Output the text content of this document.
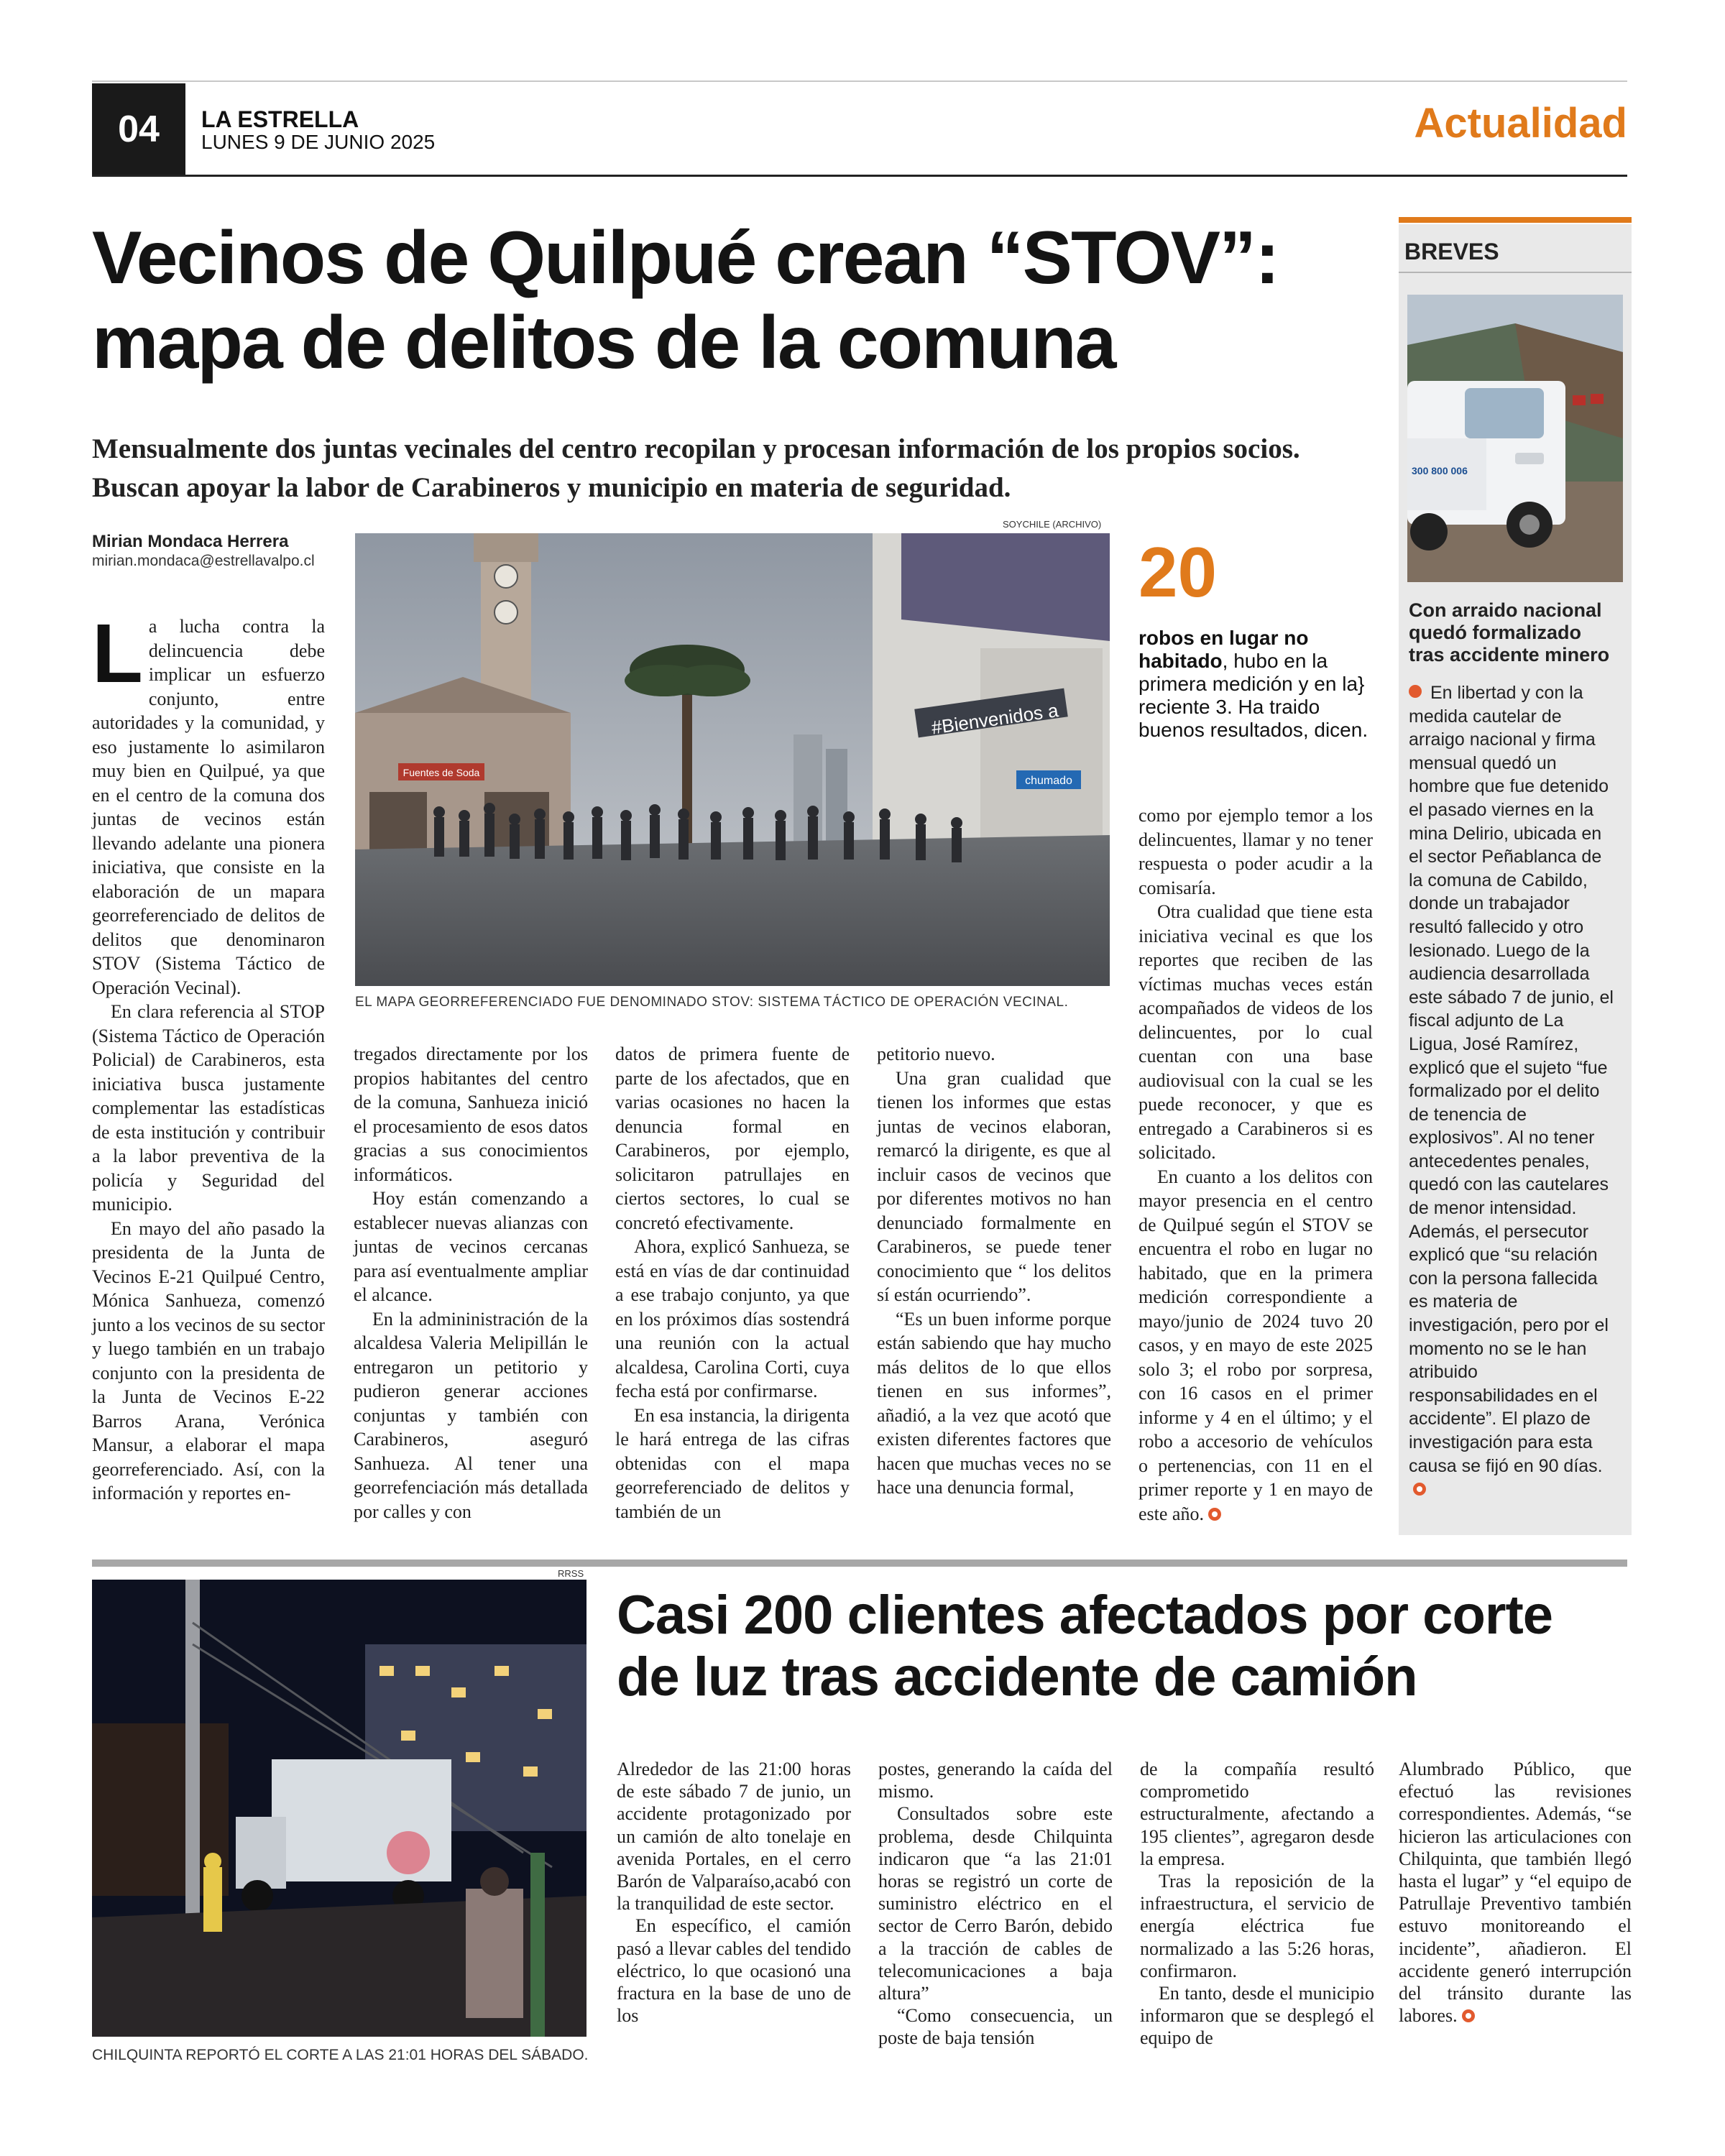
04	LA ESTRELLA
LUNES 9 DE JUNIO 2025	Actualidad
Vecinos de Quilpué crean “STOV”:
mapa de delitos de la comuna
Mensualmente dos juntas vecinales del centro recopilan y procesan información de los propios socios. Buscan apoyar la labor de Carabineros y municipio en materia de seguridad.
Mirian Mondaca Herrera
mirian.mondaca@estrellavalpo.cl
SOYCHILE (ARCHIVO)
Fuentes de Soda
#Bienvenidos a
chumado
EL MAPA GEORREFERENCIADO FUE DENOMINADO STOV: SISTEMA TÁCTICO DE OPERACIÓN VECINAL.

La lucha contra la delincuencia debe implicar un esfuerzo conjunto, entre autoridades y la comunidad, y eso justamente lo asimilaron muy bien en Quilpué, ya que en el centro de la comuna dos juntas de vecinos están llevando adelante una pionera iniciativa, que consiste en la elaboración de un mapara georreferenciado de delitos de delitos que denominaron STOV (Sistema Táctico de Operación Vecinal).

En clara referencia al STOP (Sistema Táctico de Operación Policial) de Carabineros, esta iniciativa busca justamente complementar las estadísticas de esta institución y contribuir a la labor preventiva de la policía y Seguridad del municipio.

En mayo del año pasado la presidenta de la Junta de Vecinos E-21 Quilpué Centro, Mónica Sanhueza, comenzó junto a los vecinos de su sector y luego también en un trabajo conjunto con la presidenta de la Junta de Vecinos E-22 Barros Arana, Verónica Mansur, a elaborar el mapa georreferenciado. Así, con la información y reportes en-

tregados directamente por los propios habitantes del centro de la comuna, Sanhueza inició el procesamiento de esos datos gracias a sus conocimientos informáticos.

Hoy están comenzando a establecer nuevas alianzas con juntas de vecinos cercanas para así eventualmente ampliar el alcance.

En la admininistración de la alcaldesa Valeria Melipillán le entregaron un petitorio y pudieron generar acciones conjuntas y también con Carabineros, aseguró Sanhueza. Al tener una georrefenciación más detallada por calles y con

datos de primera fuente de parte de los afectados, que en varias ocasiones no hacen la denuncia formal en Carabineros, por ejemplo, solicitaron patrullajes en ciertos sectores, lo cual se concretó efectivamente.

Ahora, explicó Sanhueza, se está en vías de dar continuidad a ese trabajo conjunto, ya que en los próximos días sostendrá una reunión con la actual alcaldesa, Carolina Corti, cuya fecha está por confirmarse.

En esa instancia, la dirigenta le hará entrega de las cifras obtenidas con el mapa georreferenciado de delitos y también de un

petitorio nuevo.

Una gran cualidad que tienen los informes que estas juntas de vecinos elaboran, remarcó la dirigente, es que al incluir casos de vecinos que por diferentes motivos no han denunciado formalmente en Carabineros, se puede tener conocimiento que “ los delitos sí están ocurriendo”.

“Es un buen informe porque están sabiendo que hay mucho más delitos de lo que ellos tienen en sus informes”, añadió, a la vez que acotó que existen diferentes factores que hacen que muchas veces no se hace una denuncia formal,

20
robos en lugar no habitado, hubo en la primera medición y en la} reciente 3. Ha traido buenos resultados, dicen.

como por ejemplo temor a los delincuentes, llamar y no tener respuesta o poder acudir a la comisaría.

Otra cualidad que tiene esta iniciativa vecinal es que los reportes que reciben de las víctimas muchas veces están acompañados de videos de los delincuentes, por lo cual cuentan con una base audiovisual con la cual se les puede reconocer, y que es entregado a Carabineros si es solicitado.

En cuanto a los delitos con mayor presencia en el centro de Quilpué según el STOV se encuentra el robo en lugar no habitado, que en la primera medición correspondiente a mayo/junio de 2024 tuvo 20 casos, y en mayo de este 2025 solo 3; el robo por sorpresa, con 16 casos en el primer informe y 4 en el último; y el robo a accesorio de vehículos o pertenencias, con 11 en el primer reporte y 1 en mayo de este año.

BREVES
300 800 006
Con arraido nacional quedó formalizado tras accidente minero
En libertad y con la medida cautelar de arraigo nacional y firma mensual quedó un hombre que fue detenido el pasado viernes en la mina Delirio, ubicada en el sector Peñablanca de la comuna de Cabildo, donde un trabajador resultó fallecido y otro lesionado. Luego de la audiencia desarrollada este sábado 7 de junio, el fiscal adjunto de La Ligua, José Ramírez, explicó que el sujeto “fue formalizado por el delito de tenencia de explosivos”. Al no tener antecedentes penales, quedó con las cautelares de menor intensidad. Además, el persecutor explicó que “su relación con la persona fallecida es materia de investigación, pero por el momento no se le han atribuido responsabilidades en el accidente”. El plazo de investigación para esta causa se fijó en 90 días.
RRSS
CHILQUINTA REPORTÓ EL CORTE A LAS 21:01 HORAS DEL SÁBADO.
Casi 200 clientes afectados por corte
de luz tras accidente de camión

Alrededor de las 21:00 horas de este sábado 7 de junio, un accidente protagonizado por un camión de alto tonelaje en avenida Portales, en el cerro Barón de Valparaíso,acabó con la tranquilidad de este sector.

En específico, el camión pasó a llevar cables del tendido eléctrico, lo que ocasionó una fractura en la base de uno de los

postes, generando la caída del mismo.

Consultados sobre este problema, desde Chilquinta indicaron que “a las 21:01 horas se registró un corte de suministro eléctrico en el sector de Cerro Barón, debido a la tracción de cables de telecomunicaciones a baja altura”

“Como consecuencia, un poste de baja tensión

de la compañía resultó comprometido estructuralmente, afectando a 195 clientes”, agregaron desde la empresa.

Tras la reposición de la infraestructura, el servicio de energía eléctrica fue normalizado a las 5:26 horas, confirmaron.

En tanto, desde el municipio informaron que se desplegó el equipo de

Alumbrado Público, que efectuó las revisiones correspondientes. Además, “se hicieron las articulaciones con Chilquinta, que también llegó hasta el lugar” y “el equipo de Patrullaje Preventivo también estuvo monitoreando el incidente”, añadieron. El accidente generó interrupción del tránsito durante las labores.
